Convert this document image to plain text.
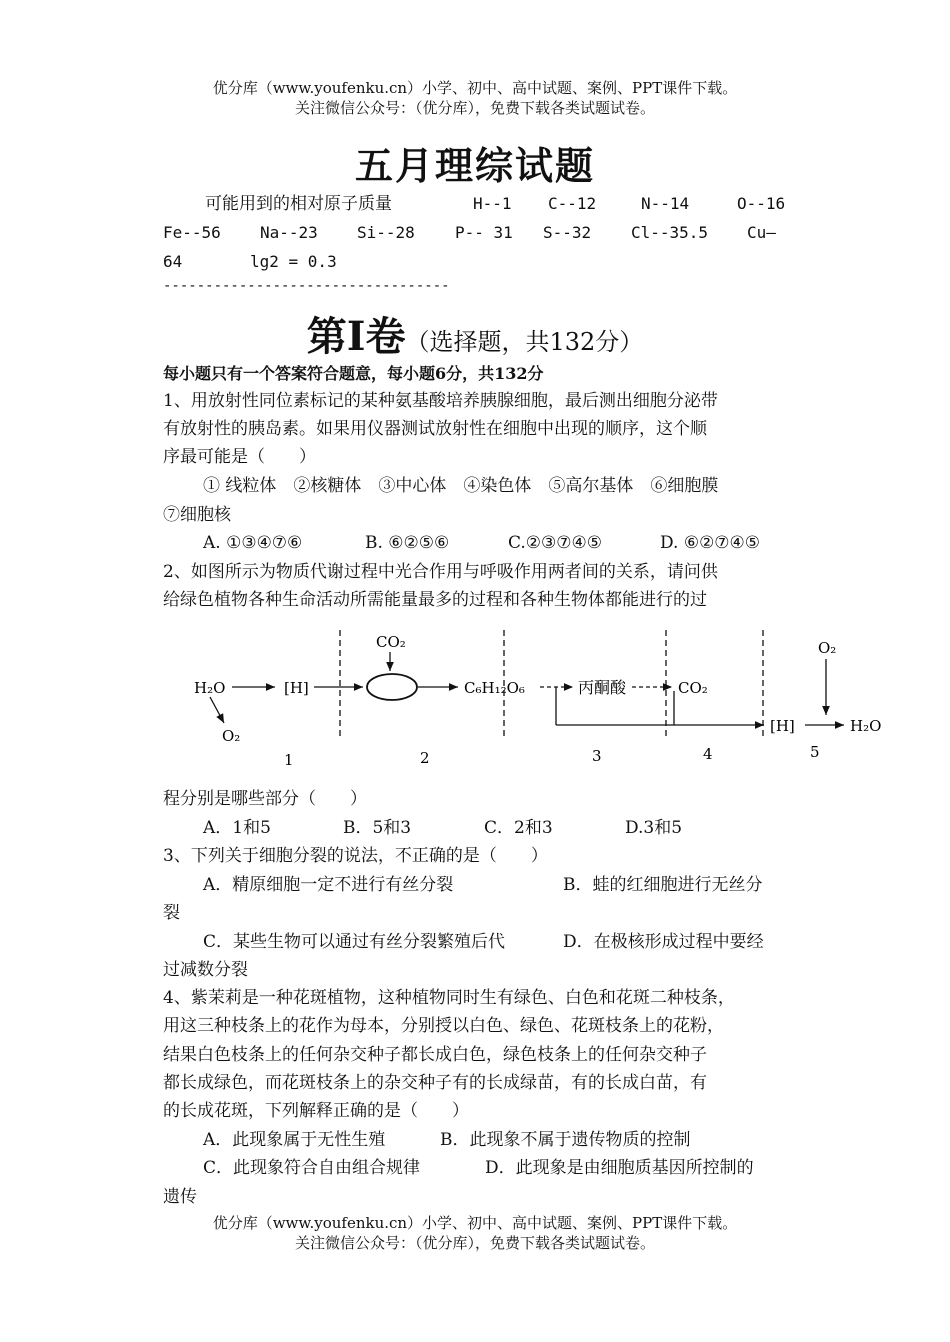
优分库（www.youfenku.cn）小学、初中、高中试题、案例、PPT课件下载。
关注微信公众号：（优分库），免费下载各类试题试卷。
五月理综试题
可能用到的相对原子质量	H--1 C--12	N--14	O--16
Fe--56 Na--23 Si--28	P-- 31 S--32 Cl--35.5 Cu—
64	lg2 = 0.3
----------------------------------
第Ⅰ卷（选择题，共132分）
每小题只有一个答案符合题意，每小题6分，共132分
1、用放射性同位素标记的某种氨基酸培养胰腺细胞，最后测出细胞分泌带
有放射性的胰岛素。如果用仪器测试放射性在细胞中出现的顺序，这个顺
序最可能是（　　）
① 线粒体　②核糖体　③中心体　④染色体　⑤高尔基体　⑥细胞膜
⑦细胞核
A. ①③④⑦⑥	B. ⑥②⑤⑥	C.②③⑦④⑤	D. ⑥②⑦④⑤
2、如图所示为物质代谢过程中光合作用与呼吸作用两者间的关系，请问供
给绿色植物各种生命活动所需能量最多的过程和各种生物体都能进行的过
H₂O	[H]
O₂
CO₂
C₆H₁₂O₆	丙酮酸	CO₂
[H]
O₂
H₂O
1	2	3	4	5
程分别是哪些部分（　　）
A．1和5	B．5和3	C．2和3	D.3和5
3、下列关于细胞分裂的说法，不正确的是（　　）
A．精原细胞一定不进行有丝分裂	B．蛙的红细胞进行无丝分
裂
C．某些生物可以通过有丝分裂繁殖后代	D．在极核形成过程中要经
过减数分裂
4、紫茉莉是一种花斑植物，这种植物同时生有绿色、白色和花斑二种枝条，
用这三种枝条上的花作为母本，分别授以白色、绿色、花斑枝条上的花粉，
结果白色枝条上的任何杂交种子都长成白色，绿色枝条上的任何杂交种子
都长成绿色，而花斑枝条上的杂交种子有的长成绿苗，有的长成白苗，有
的长成花斑，下列解释正确的是（　　）
A．此现象属于无性生殖	B．此现象不属于遗传物质的控制
C．此现象符合自由组合规律	D．此现象是由细胞质基因所控制的
遗传
优分库（www.youfenku.cn）小学、初中、高中试题、案例、PPT课件下载。
关注微信公众号：（优分库），免费下载各类试题试卷。
